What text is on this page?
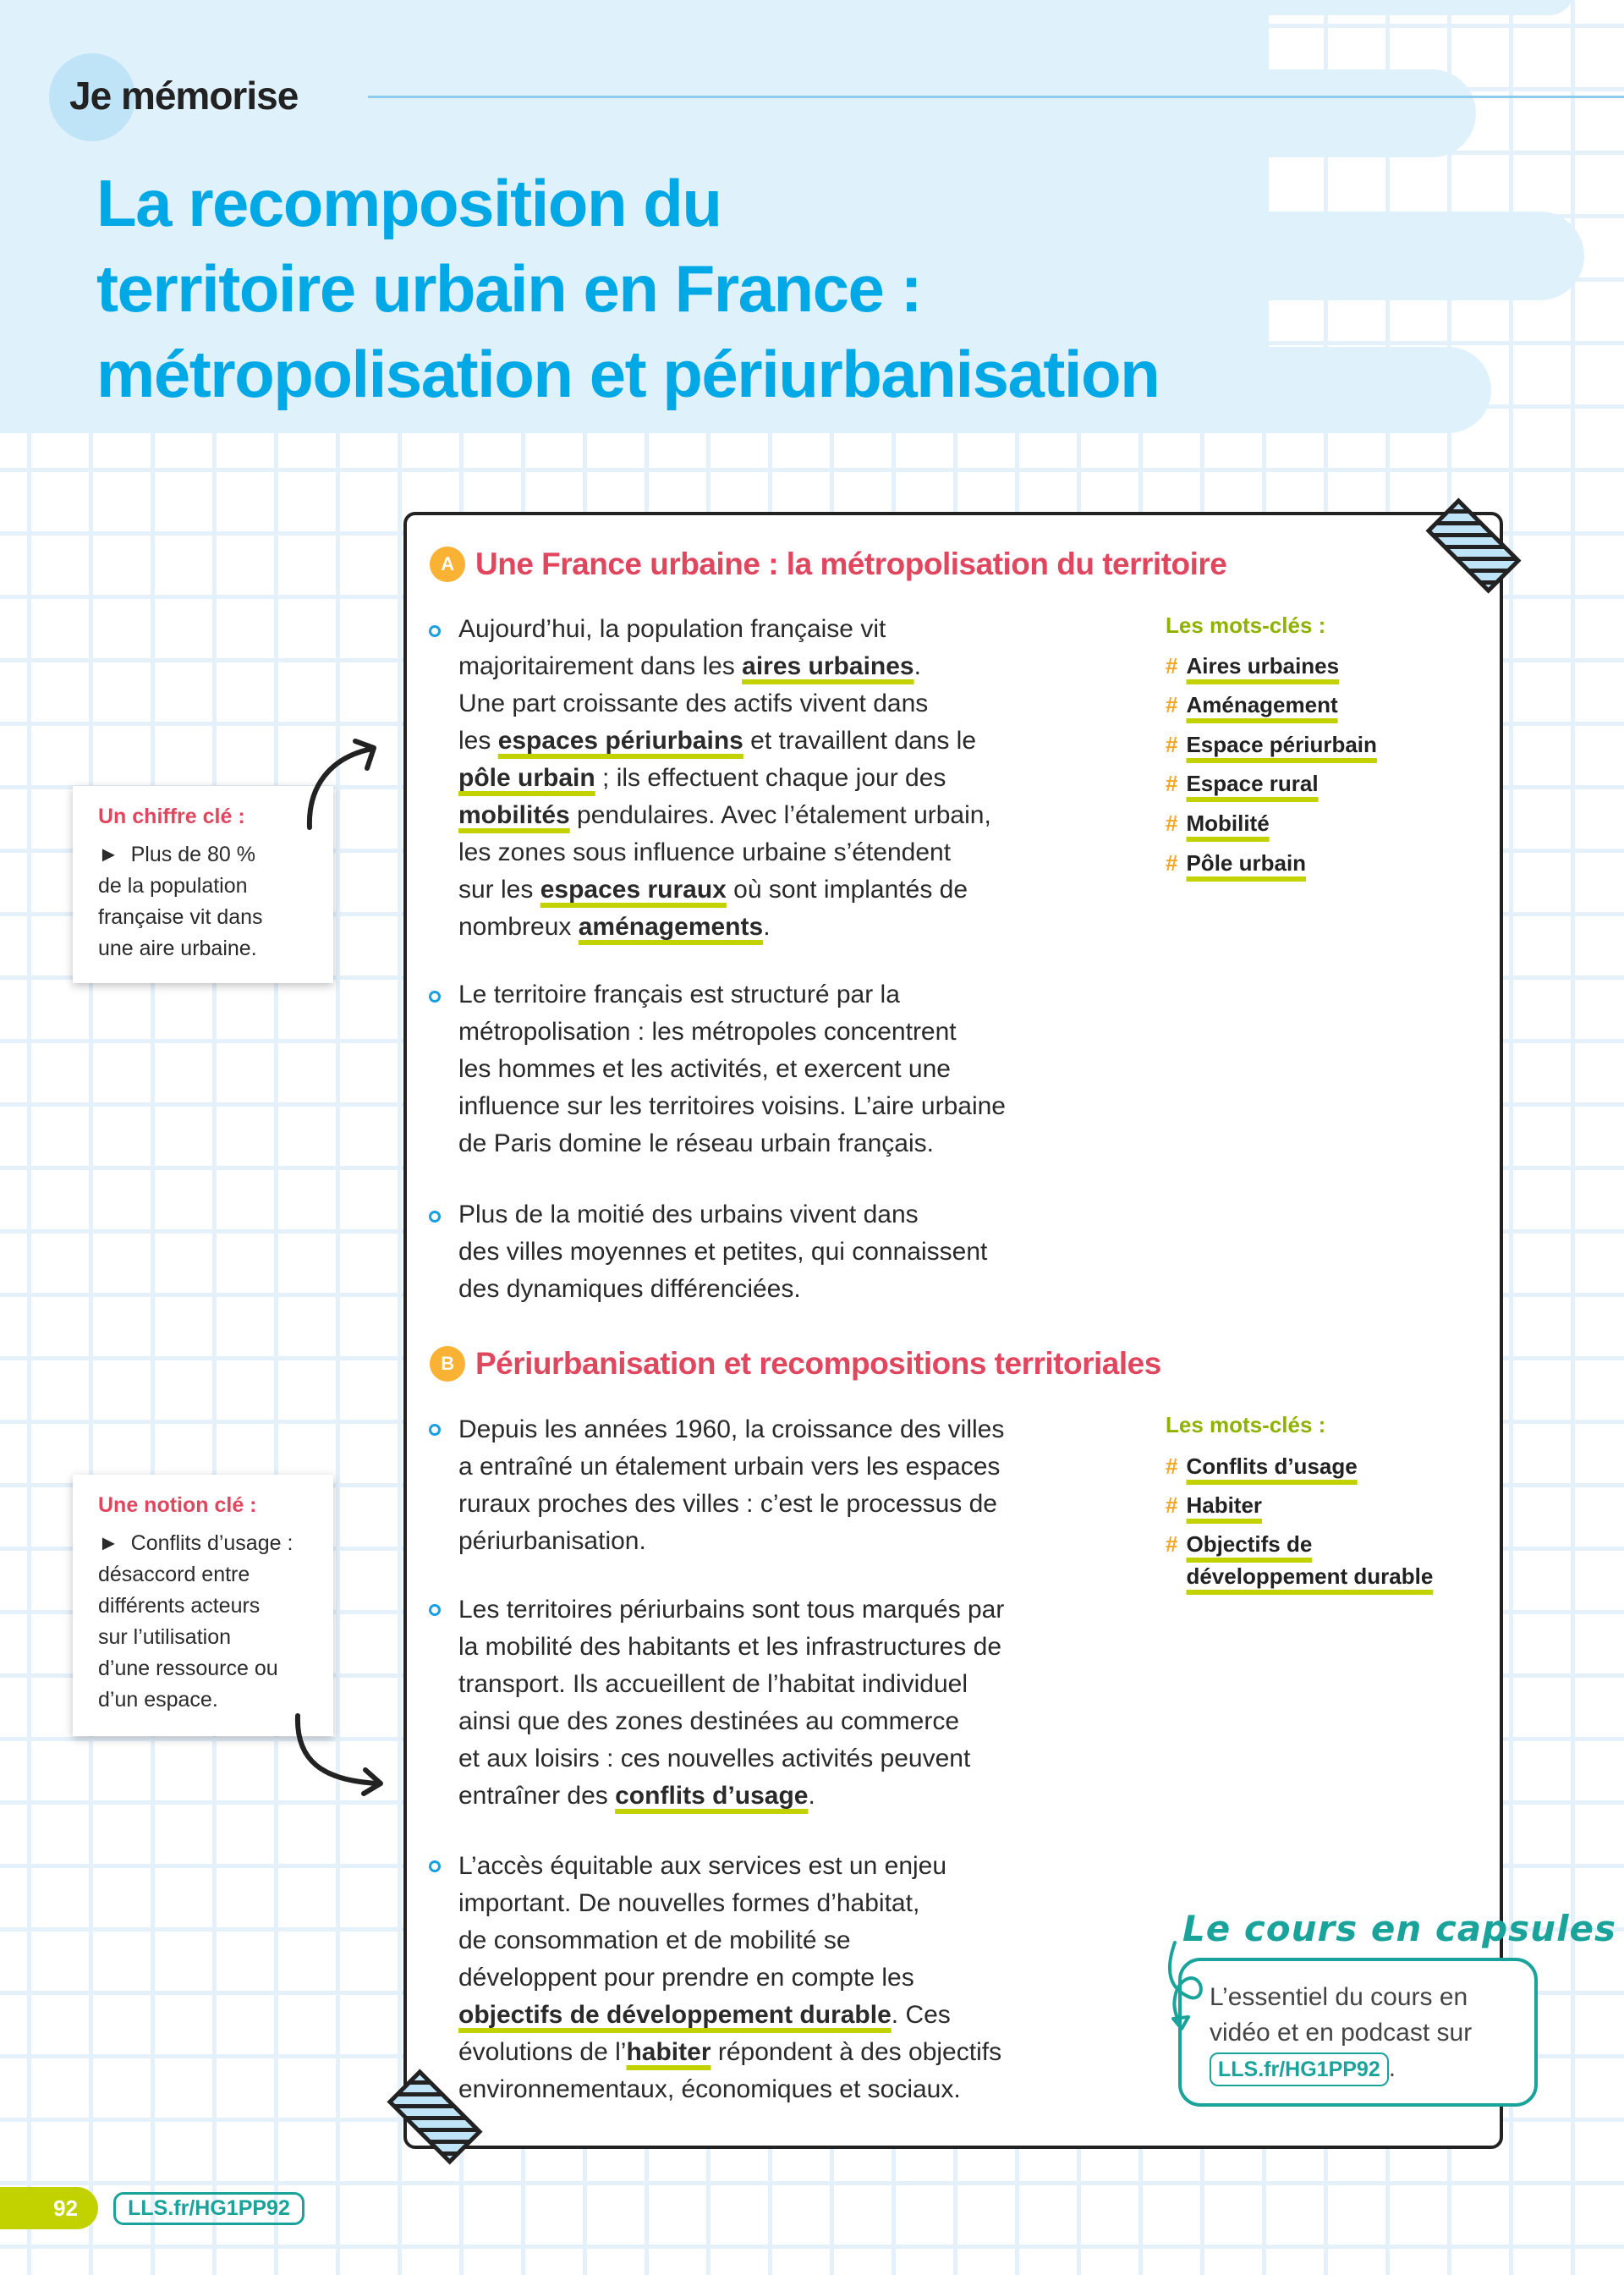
Je mémorise
La recomposition du
territoire urbain en France :
métropolisation et périurbanisation
Un chiffre clé :
►  Plus de 80 %
de la population
française vit dans
une aire urbaine.
Une notion clé :
►  Conflits d’usage :
désaccord entre
différents acteurs
sur l’utilisation
d’une ressource ou
d’un espace.
A Une France urbaine : la métropolisation du territoire
Aujourd’hui, la population française vit
majoritairement dans les aires urbaines.
Une part croissante des actifs vivent dans
les espaces périurbains et travaillent dans le
pôle urbain ; ils effectuent chaque jour des
mobilités pendulaires. Avec l’étalement urbain,
les zones sous influence urbaine s’étendent
sur les espaces ruraux où sont implantés de
nombreux aménagements.
Le territoire français est structuré par la
métropolisation : les métropoles concentrent
les hommes et les activités, et exercent une
influence sur les territoires voisins. L’aire urbaine
de Paris domine le réseau urbain français.
Plus de la moitié des urbains vivent dans
des villes moyennes et petites, qui connaissent
des dynamiques différenciées.
Les mots-clés :
# Aires urbaines
# Aménagement
# Espace périurbain
# Espace rural
# Mobilité
# Pôle urbain
B Périurbanisation et recompositions territoriales
Depuis les années 1960, la croissance des villes
a entraîné un étalement urbain vers les espaces
ruraux proches des villes : c’est le processus de
périurbanisation.
Les territoires périurbains sont tous marqués par
la mobilité des habitants et les infrastructures de
transport. Ils accueillent de l’habitat individuel
ainsi que des zones destinées au commerce
et aux loisirs : ces nouvelles activités peuvent
entraîner des conflits d’usage.
L’accès équitable aux services est un enjeu
important. De nouvelles formes d’habitat,
de consommation et de mobilité se
développent pour prendre en compte les
objectifs de développement durable. Ces
évolutions de l’habiter répondent à des objectifs
environnementaux, économiques et sociaux.
Les mots-clés :
# Conflits d’usage
# Habiter
# Objectifs de
développement durable
Le cours en capsules
L’essentiel du cours en
vidéo et en podcast sur
LLS.fr/HG1PP92 .
92	LLS.fr/HG1PP92
